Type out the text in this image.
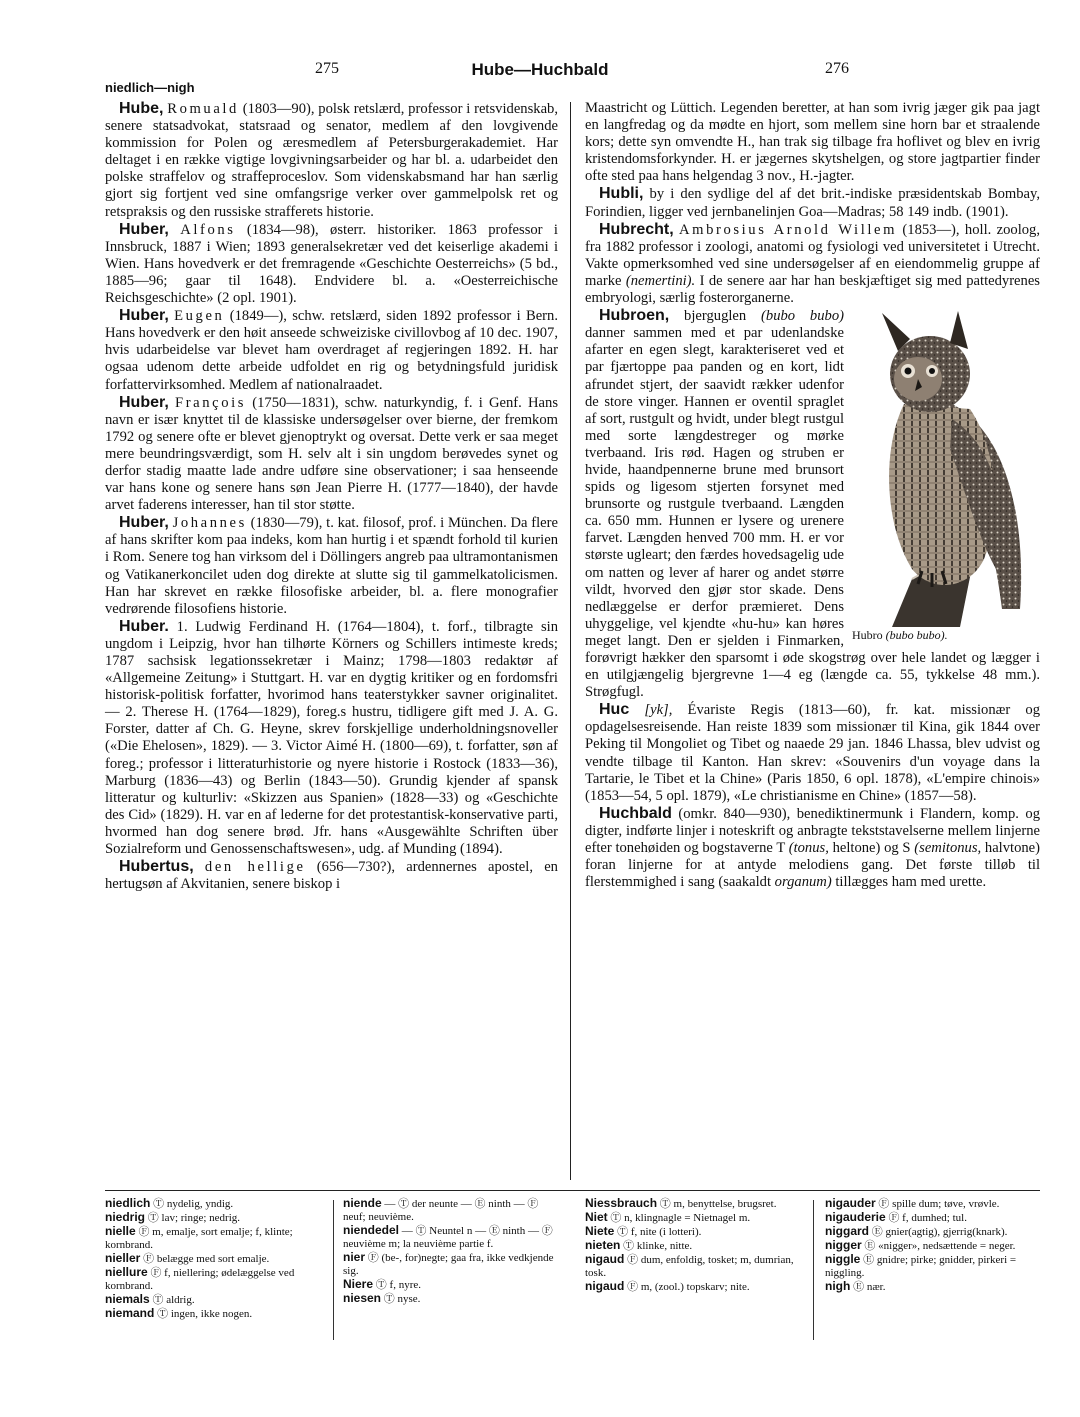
275	Hube—Huchbald	276
niedlich—nigh

Hube, Romuald (1803—90), polsk retslærd, professor i retsvidenskab, senere statsadvokat, statsraad og senator, medlem af den lovgivende kommission for Polen og æresmedlem af Petersburgerakademiet. Har deltaget i en række vigtige lovgivningsarbeider og har bl. a. udarbeidet den polske straffelov og straffeproceslov. Som videnskabsmand har han særlig gjort sig fortjent ved sine omfangsrige verker over gammelpolsk ret og retspraksis og den russiske strafferets historie.

Huber, Alfons (1834—98), østerr. historiker. 1863 professor i Innsbruck, 1887 i Wien; 1893 generalsekretær ved det keiserlige akademi i Wien. Hans hovedverk er det fremragende «Geschichte Oesterreichs» (5 bd., 1885—96; gaar til 1648). Endvidere bl. a. «Oesterreichische Reichsgeschichte» (2 opl. 1901).

Huber, Eugen (1849—), schw. retslærd, siden 1892 professor i Bern. Hans hovedverk er den høit anseede schweiziske civillovbog af 10 dec. 1907, hvis udarbeidelse var blevet ham overdraget af regjeringen 1892. H. har ogsaa udenom dette arbeide udfoldet en rig og betydningsfuld juridisk forfattervirksomhed. Medlem af nationalraadet.

Huber, François (1750—1831), schw. naturkyndig, f. i Genf. Hans navn er især knyttet til de klassiske undersøgelser over bierne, der fremkom 1792 og senere ofte er blevet gjenoptrykt og oversat. Dette verk er saa meget mere beundringsværdigt, som H. selv alt i sin ungdom berøvedes synet og derfor stadig maatte lade andre udføre sine observationer; i saa henseende var hans kone og senere hans søn Jean Pierre H. (1777—1840), der havde arvet faderens interesser, han til stor støtte.

Huber, Johannes (1830—79), t. kat. filosof, prof. i München. Da flere af hans skrifter kom paa indeks, kom han hurtig i et spændt forhold til kurien i Rom. Senere tog han virksom del i Döllingers angreb paa ultramontanismen og Vatikanerkoncilet uden dog direkte at slutte sig til gammelkatolicismen. Han har skrevet en række filosofiske arbeider, bl. a. flere monografier vedrørende filosofiens historie.

Huber. 1. Ludwig Ferdinand H. (1764—1804), t. forf., tilbragte sin ungdom i Leipzig, hvor han tilhørte Körners og Schillers intimeste kreds; 1787 sachsisk legationssekretær i Mainz; 1798—1803 redaktør af «Allgemeine Zeitung» i Stuttgart. H. var en dygtig kritiker og en fordomsfri historisk-politisk forfatter, hvorimod hans teaterstykker savner originalitet. — 2. Therese H. (1764—1829), foreg.s hustru, tidligere gift med J. A. G. Forster, datter af Ch. G. Heyne, skrev forskjellige underholdningsnoveller («Die Ehelosen», 1829). — 3. Victor Aimé H. (1800—69), t. forfatter, søn af foreg.; professor i litteraturhistorie og nyere historie i Rostock (1833—36), Marburg (1836—43) og Berlin (1843—50). Grundig kjender af spansk litteratur og kulturliv: «Skizzen aus Spanien» (1828—33) og «Geschichte des Cid» (1829). H. var en af lederne for det protestantisk-konservative parti, hvormed han dog senere brød. Jfr. hans «Ausgewählte Schriften über Sozialreform und Genossenschaftswesen», udg. af Munding (1894).

Hubertus, den hellige (656—730?), ardennernes apostel, en hertugsøn af Akvitanien, senere biskop i

Maastricht og Lüttich. Legenden beretter, at han som ivrig jæger gik paa jagt en langfredag og da mødte en hjort, som mellem sine horn bar et straalende kors; dette syn omvendte H., han trak sig tilbage fra hoflivet og blev en ivrig kristendomsforkynder. H. er jægernes skytshelgen, og store jagtpartier finder ofte sted paa hans helgendag 3 nov., H.-jagter.

Hubli, by i den sydlige del af det brit.-indiske præsidentskab Bombay, Forindien, ligger ved jernbanelinjen Goa—Madras; 58 149 indb. (1901).

Hubrecht, Ambrosius Arnold Willem (1853—), holl. zoolog, fra 1882 professor i zoologi, anatomi og fysiologi ved universitetet i Utrecht. Vakte opmerksomhed ved sine undersøgelser af en eiendommelig gruppe af marke (nemertini). I de senere aar har han beskjæftiget sig med pattedyrenes embryologi, særlig fosterorganerne.

Hubro (bubo bubo).
Hubroen, bjerguglen (bubo bubo) danner sammen med et par udenlandske afarter en egen slegt, karakteriseret ved et par fjærtoppe paa panden og en kort, lidt afrundet stjert, der saavidt rækker udenfor de store vinger. Hannen er oventil spraglet af sort, rustgult og hvidt, under blegt rustgul med sorte længdestreger og mørke tverbaand. Iris rød. Hagen og struben er hvide, haandpennerne brune med brunsort spids og ligesom stjerten forsynet med brunsorte og rustgule tverbaand. Længden ca. 650 mm. Hunnen er lysere og urenere farvet. Længden henved 700 mm. H. er vor største ugleart; den færdes hovedsagelig ude om natten og lever af harer og andet større vildt, hvorved den gjør stor skade. Dens nedlæggelse er derfor præmieret. Dens uhyggelige, vel kjendte «hu-hu» kan høres meget langt. Den er sjelden i Finmarken, forøvrigt hækker den sparsomt i øde skogstrøg over hele landet og lægger i en utilgjængelig bjergrevne 1—4 eg (længde ca. 55, tykkelse 48 mm.). Strøgfugl.

Huc [yk], Évariste Regis (1813—60), fr. kat. missionær og opdagelsesreisende. Han reiste 1839 som missionær til Kina, gik 1844 over Peking til Mongoliet og Tibet og naaede 29 jan. 1846 Lhassa, blev udvist og vendte tilbage til Kanton. Han skrev: «Souvenirs d'un voyage dans la Tartarie, le Tibet et la Chine» (Paris 1850, 6 opl. 1878), «L'empire chinois» (1853—54, 5 opl. 1879), «Le christianisme en Chine» (1857—58).

Huchbald (omkr. 840—930), benediktinermunk i Flandern, komp. og digter, indførte linjer i noteskrift og anbragte tekststavelserne mellem linjerne efter tonehøiden og bogstaverne T (tonus, heltone) og S (semitonus, halvtone) foran linjerne for at antyde melodiens gang. Det første tilløb til flerstemmighed i sang (saakaldt organum) tillægges ham med urette.

niedlich Ⓣ nydelig, yndig.
niedrig Ⓣ lav; ringe; nedrig.
nielle Ⓕ m, emalje, sort emalje; f, klinte; kornbrand.
nieller Ⓕ belægge med sort emalje.
niellure Ⓕ f, niellering; ødelæggelse ved kornbrand.
niemals Ⓣ aldrig.
niemand Ⓣ ingen, ikke nogen.
niende — Ⓣ der neunte — Ⓔ ninth — Ⓕ neuf; neuvième.
niendedel — Ⓣ Neuntel n — Ⓔ ninth — Ⓕ neuvième m; la neuvième partie f.
nier Ⓕ (be-, for)negte; gaa fra, ikke vedkjende sig.
Niere Ⓣ f, nyre.
niesen Ⓣ nyse.
Niessbrauch Ⓣ m, benyttelse, brugsret.
Niet Ⓣ n, klingnagle = Nietnagel m.
Niete Ⓣ f, nite (i lotteri).
nieten Ⓣ klinke, nitte.
nigaud Ⓕ dum, enfoldig, tosket; m, dumrian, tosk.
nigaud Ⓕ m, (zool.) topskarv; nite.
nigauder Ⓕ spille dum; tøve, vrøvle.
nigauderie Ⓕ f, dumhed; tul.
niggard Ⓔ gnier(agtig), gjerrig(knark).
nigger Ⓔ «nigger», nedsættende = neger.
niggle Ⓔ gnidre; pirke; gnidder, pirkeri = niggling.
nigh Ⓔ nær.
